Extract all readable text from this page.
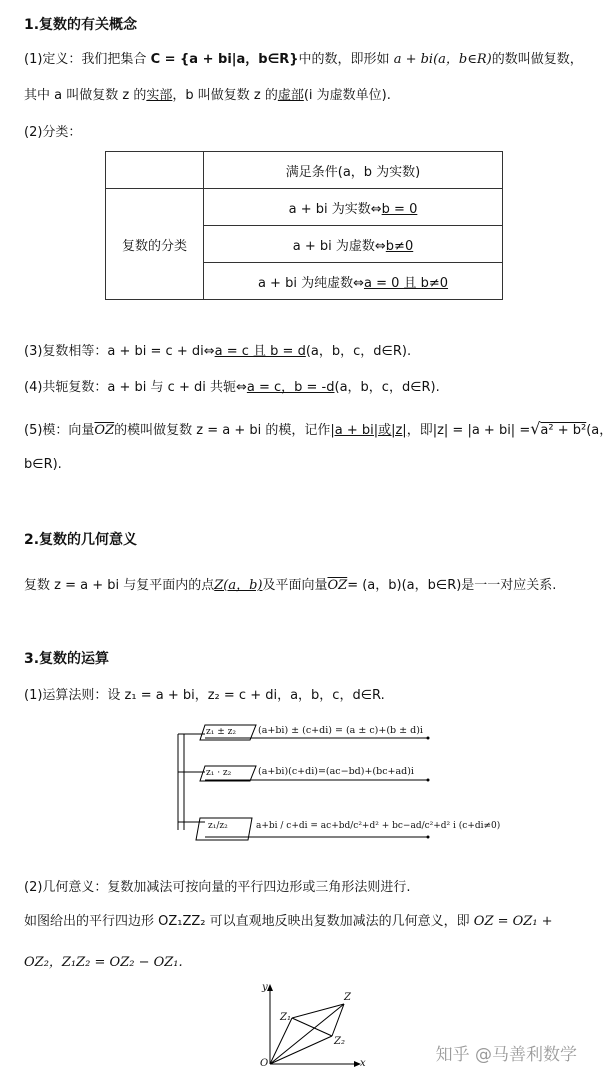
1.复数的有关概念
(1)定义：我们把集合 C = {a + bi|a，b∈R}中的数，即形如 a + bi(a，b∈R)的数叫做复数，
其中 a 叫做复数 z 的实部，b 叫做复数 z 的虚部(i 为虚数单位).
(2)分类：
	满足条件(a，b 为实数)
复数的分类	a + bi 为实数⇔b = 0
	a + bi 为虚数⇔b≠0
	a + bi 为纯虚数⇔a = 0 且 b≠0
(3)复数相等：a + bi = c + di⇔a = c 且 b = d(a，b，c，d∈R).
(4)共轭复数：a + bi 与 c + di 共轭⇔a = c，b = -d(a，b，c，d∈R).
(5)模：向量$\overline{OZ}$的模叫做复数 z = a + bi 的模，记作|a + bi|或|z|，即|z| = |a + bi| =√a² + b²(a，
b∈R).
2.复数的几何意义
复数 z = a + bi 与复平面内的点Z(a，b)及平面向量$\overline{OZ}= (a$，b)(a，b∈R)是一一对应关系.
3.复数的运算
(1)运算法则：设 z₁ = a + bi，z₂ = c + di，a，b，c，d∈R.
z₁ ± z₂ (a+bi) ± (c+di) = (a ± c)+(b ± d)i
z₁ · z₂	(a+bi)(c+di)=(ac−bd)+(bc+ad)i
z₁/z₂	a+bi / c+di = ac+bd/c²+d² + bc−ad/c²+d² i (c+di≠0)
(2)几何意义：复数加减法可按向量的平行四边形或三角形法则进行.
如图给出的平行四边形 OZ₁ZZ₂ 可以直观地反映出复数加减法的几何意义，即 OZ = OZ₁ +
OZ₂，Z₁Z₂ = OZ₂ − OZ₁.
y
x
O
Z
Z₁
Z₂
知乎 @马善利数学
